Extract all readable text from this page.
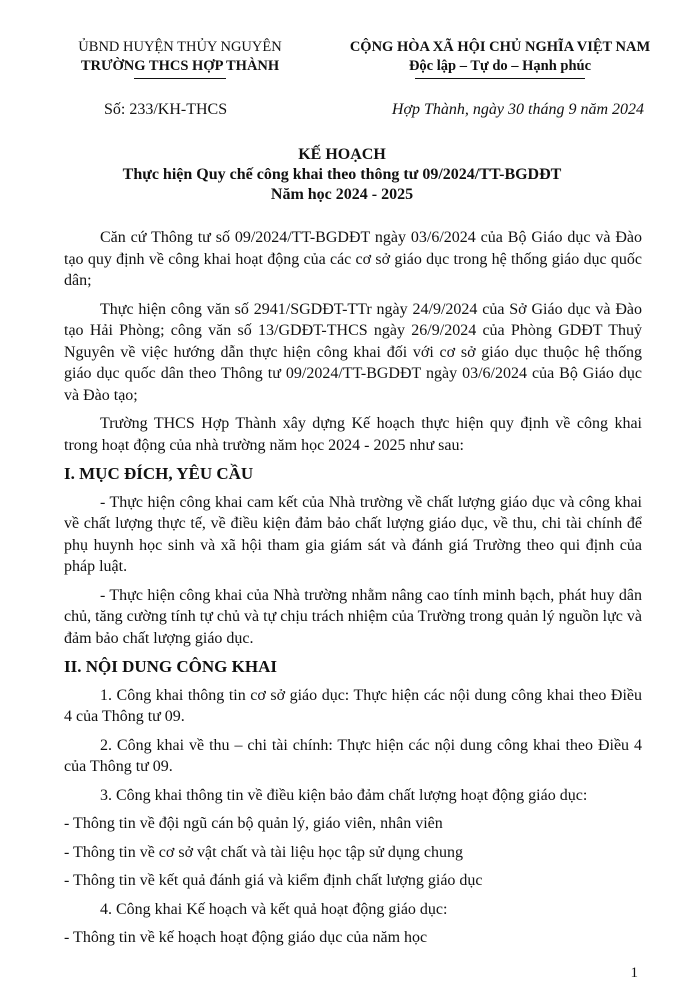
ỦBND HUYỆN THỦY NGUYÊN
TRƯỜNG THCS HỢP THÀNH
CỘNG HÒA XÃ HỘI CHỦ NGHĨA VIỆT NAM
Độc lập – Tự do – Hạnh phúc
Số: 233/KH-THCS	Hợp Thành, ngày 30 tháng 9 năm 2024
KẾ HOẠCH
Thực hiện Quy chế công khai theo thông tư 09/2024/TT-BGDĐT
Năm học 2024 - 2025

Căn cứ Thông tư số 09/2024/TT-BGDĐT ngày 03/6/2024 của Bộ Giáo dục và Đào tạo quy định về công khai hoạt động của các cơ sở giáo dục trong hệ thống giáo dục quốc dân;

Thực hiện công văn số 2941/SGDĐT-TTr ngày 24/9/2024 của Sở Giáo dục và Đào tạo Hải Phòng; công văn số 13/GDĐT-THCS ngày 26/9/2024 của Phòng GDĐT Thuỷ Nguyên về việc hướng dẫn thực hiện công khai đối với cơ sở giáo dục thuộc hệ thống giáo dục quốc dân theo Thông tư 09/2024/TT-BGDĐT ngày 03/6/2024 của Bộ Giáo dục và Đào tạo;

Trường THCS Hợp Thành xây dựng Kế hoạch thực hiện quy định về công khai trong hoạt động của nhà trường năm học 2024 - 2025 như sau:

I. MỤC ĐÍCH, YÊU CẦU

- Thực hiện công khai cam kết của Nhà trường về chất lượng giáo dục và công khai về chất lượng thực tế, về điều kiện đảm bảo chất lượng giáo dục, về thu, chi tài chính để phụ huynh học sinh và xã hội tham gia giám sát và đánh giá Trường theo qui định của pháp luật.

- Thực hiện công khai của Nhà trường nhằm nâng cao tính minh bạch, phát huy dân chủ, tăng cường tính tự chủ và tự chịu trách nhiệm của Trường trong quản lý nguồn lực và đảm bảo chất lượng giáo dục.

II. NỘI DUNG CÔNG KHAI

1. Công khai thông tin cơ sở giáo dục: Thực hiện các nội dung công khai theo Điều 4 của Thông tư 09.

2. Công khai về thu – chi tài chính: Thực hiện các nội dung công khai theo Điều 4 của Thông tư 09.

3. Công khai thông tin về điều kiện bảo đảm chất lượng hoạt động giáo dục:

- Thông tin về đội ngũ cán bộ quản lý, giáo viên, nhân viên

- Thông tin về cơ sở vật chất và tài liệu học tập sử dụng chung

- Thông tin về kết quả đánh giá và kiểm định chất lượng giáo dục

4. Công khai Kế hoạch và kết quả hoạt động giáo dục:

- Thông tin về kế hoạch hoạt động giáo dục của năm học

1
